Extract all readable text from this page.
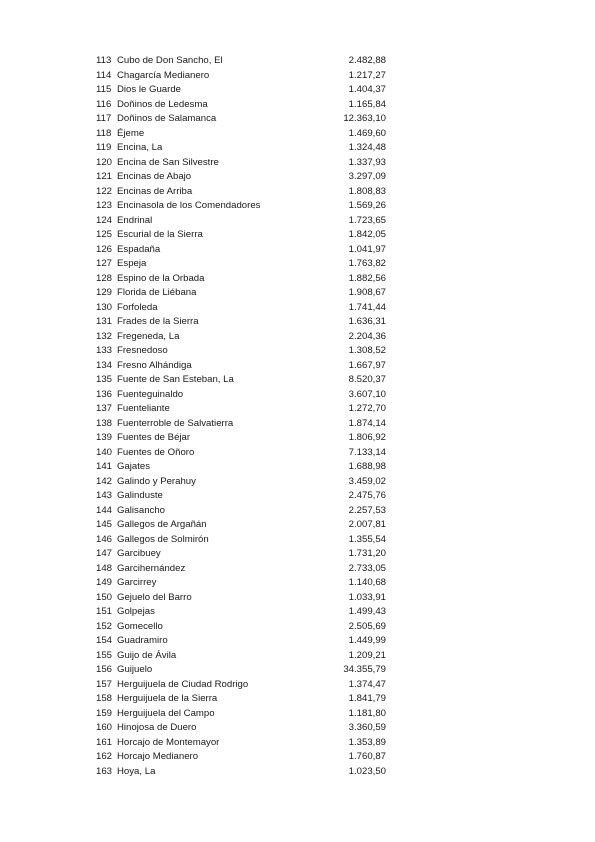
113 Cubo de Don Sancho, El	2.482,88
114 Chagarcía Medianero	1.217,27
115 Dios le Guarde	1.404,37
116 Doñinos de Ledesma	1.165,84
117 Doñinos de Salamanca	12.363,10
118 Éjeme	1.469,60
119 Encina, La	1.324,48
120 Encina de San Silvestre	1.337,93
121 Encinas de Abajo	3.297,09
122 Encinas de Arriba	1.808,83
123 Encinasola de los Comendadores	1.569,26
124 Endrinal	1.723,65
125 Escurial de la Sierra	1.842,05
126 Espadaña	1.041,97
127 Espeja	1.763,82
128 Espino de la Orbada	1.882,56
129 Florida de Liébana	1.908,67
130 Forfoleda	1.741,44
131 Frades de la Sierra	1.636,31
132 Fregeneda, La	2.204,36
133 Fresnedoso	1.308,52
134 Fresno Alhándiga	1.667,97
135 Fuente de San Esteban, La	8.520,37
136 Fuenteguinaldo	3.607,10
137 Fuenteliante	1.272,70
138 Fuenterroble de Salvatierra	1.874,14
139 Fuentes de Béjar	1.806,92
140 Fuentes de Oñoro	7.133,14
141 Gajates	1.688,98
142 Galindo y Perahuy	3.459,02
143 Galinduste	2.475,76
144 Galisancho	2.257,53
145 Gallegos de Argañán	2.007,81
146 Gallegos de Solmirón	1.355,54
147 Garcibuey	1.731,20
148 Garcihernández	2.733,05
149 Garcirrey	1.140,68
150 Gejuelo del Barro	1.033,91
151 Golpejas	1.499,43
152 Gomecello	2.505,69
154 Guadramiro	1.449,99
155 Guijo de Ávila	1.209,21
156 Guijuelo	34.355,79
157 Herguijuela de Ciudad Rodrigo	1.374,47
158 Herguijuela de la Sierra	1.841,79
159 Herguijuela del Campo	1.181,80
160 Hinojosa de Duero	3.360,59
161 Horcajo de Montemayor	1.353,89
162 Horcajo Medianero	1.760,87
163 Hoya, La	1.023,50
